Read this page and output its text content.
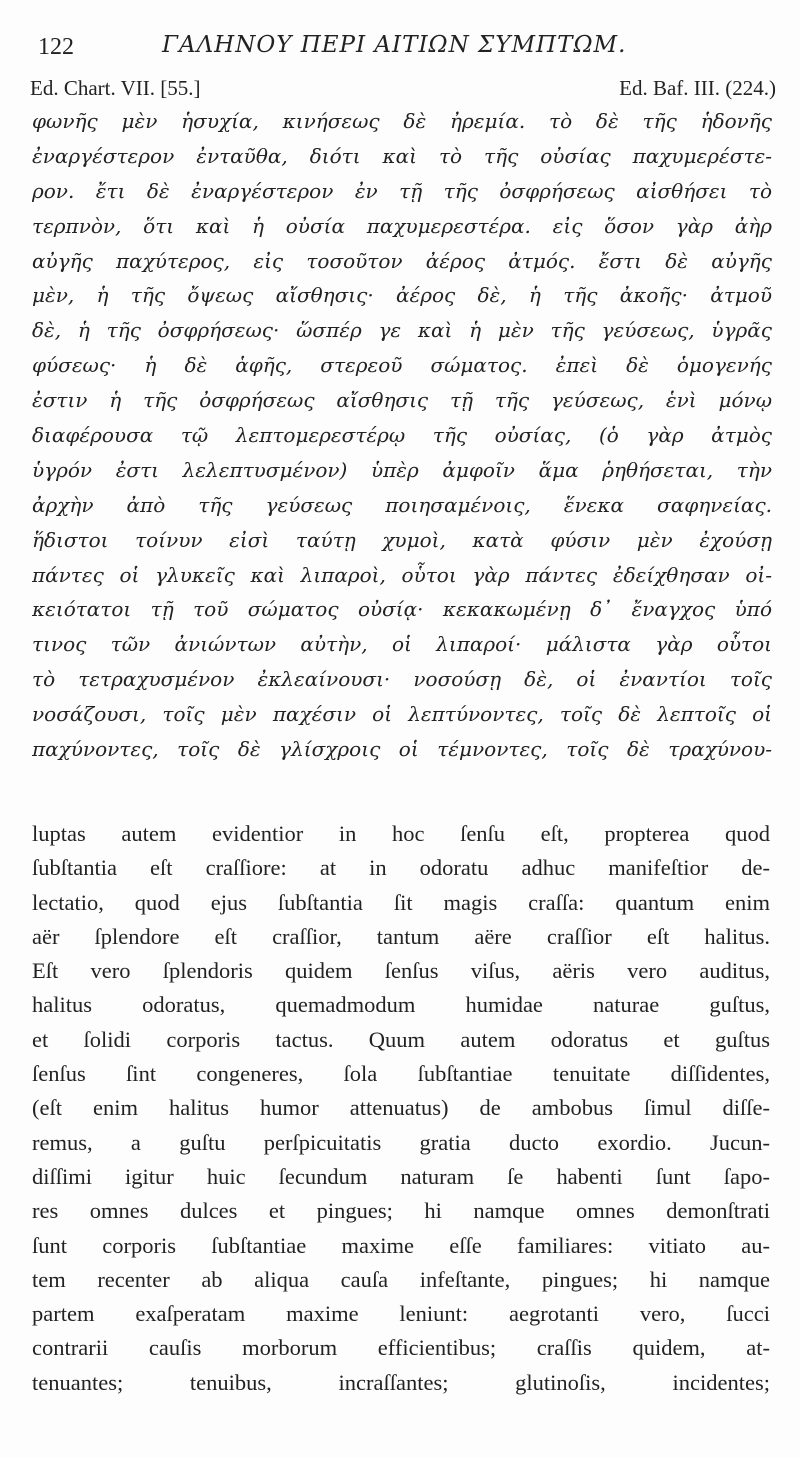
122	ΓΑΛΗΝΟΥ ΠΕΡΙ ΑΙΤΙΩΝ ΣΥΜΠΤΩΜ.
Ed. Chart. VII. [55.]	Ed. Baf. III. (224.)
φωνῆς μὲν ἡσυχία, κινήσεως δὲ ἠρεμία. τὸ δὲ τῆς ἡδονῆς
ἐναργέστερον ἐνταῦθα, διότι καὶ τὸ τῆς οὐσίας παχυμερέστε-
ρον. ἔτι δὲ ἐναργέστερον ἐν τῇ τῆς ὀσφρήσεως αἰσθήσει τὸ
τερπνὸν, ὅτι καὶ ἡ οὐσία παχυμερεστέρα. εἰς ὅσον γὰρ ἀὴρ
αὐγῆς παχύτερος, εἰς τοσοῦτον ἀέρος ἀτμός. ἔστι δὲ αὐγῆς
μὲν, ἡ τῆς ὄψεως αἴσθησις· ἀέρος δὲ, ἡ τῆς ἀκοῆς· ἀτμοῦ
δὲ, ἡ τῆς ὀσφρήσεως· ὥσπέρ γε καὶ ἡ μὲν τῆς γεύσεως, ὑγρᾶς
φύσεως· ἡ δὲ ἁφῆς, στερεοῦ σώματος. ἐπεὶ δὲ ὁμογενής
ἐστιν ἡ τῆς ὀσφρήσεως αἴσθησις τῇ τῆς γεύσεως, ἑνὶ μόνῳ
διαφέρουσα τῷ λεπτομερεστέρῳ τῆς οὐσίας, (ὁ γὰρ ἀτμὸς
ὑγρόν ἐστι λελεπτυσμένον) ὑπὲρ ἀμφοῖν ἅμα ῥηθήσεται, τὴν
ἀρχὴν ἀπὸ τῆς γεύσεως ποιησαμένοις, ἕνεκα σαφηνείας.
ἥδιστοι τοίνυν εἰσὶ ταύτῃ χυμοὶ, κατὰ φύσιν μὲν ἐχούσῃ
πάντες οἱ γλυκεῖς καὶ λιπαροὶ, οὗτοι γὰρ πάντες ἐδείχθησαν οἰ-
κειότατοι τῇ τοῦ σώματος οὐσίᾳ· κεκακωμένῃ δ᾽ ἔναγχος ὑπό
τινος τῶν ἀνιώντων αὐτὴν, οἱ λιπαροί· μάλιστα γὰρ οὗτοι
τὸ τετραχυσμένον ἐκλεαίνουσι· νοσούσῃ δὲ, οἱ ἐναντίοι τοῖς
νοσάζουσι, τοῖς μὲν παχέσιν οἱ λεπτύνοντες, τοῖς δὲ λεπτοῖς οἱ
παχύνοντες, τοῖς δὲ γλίσχροις οἱ τέμνοντες, τοῖς δὲ τραχύνου-
luptas autem evidentior in hoc ſenſu eſt, propterea quod
ſubſtantia eſt craſſiore: at in odoratu adhuc manifeſtior de-
lectatio, quod ejus ſubſtantia ſit magis craſſa: quantum enim
aër ſplendore eſt craſſior, tantum aëre craſſior eſt halitus.
Eſt vero ſplendoris quidem ſenſus viſus, aëris vero auditus,
halitus odoratus, quemadmodum humidae naturae guſtus,
et ſolidi corporis tactus. Quum autem odoratus et guſtus
ſenſus ſint congeneres, ſola ſubſtantiae tenuitate diſſidentes,
(eſt enim halitus humor attenuatus) de ambobus ſimul diſſe-
remus, a guſtu perſpicuitatis gratia ducto exordio. Jucun-
diſſimi igitur huic ſecundum naturam ſe habenti ſunt ſapo-
res omnes dulces et pingues; hi namque omnes demonſtrati
ſunt corporis ſubſtantiae maxime eſſe familiares: vitiato au-
tem recenter ab aliqua cauſa infeſtante, pingues; hi namque
partem exaſperatam maxime leniunt: aegrotanti vero, ſucci
contrarii cauſis morborum efficientibus; craſſis quidem, at-
tenuantes; tenuibus, incraſſantes; glutinoſis, incidentes;
